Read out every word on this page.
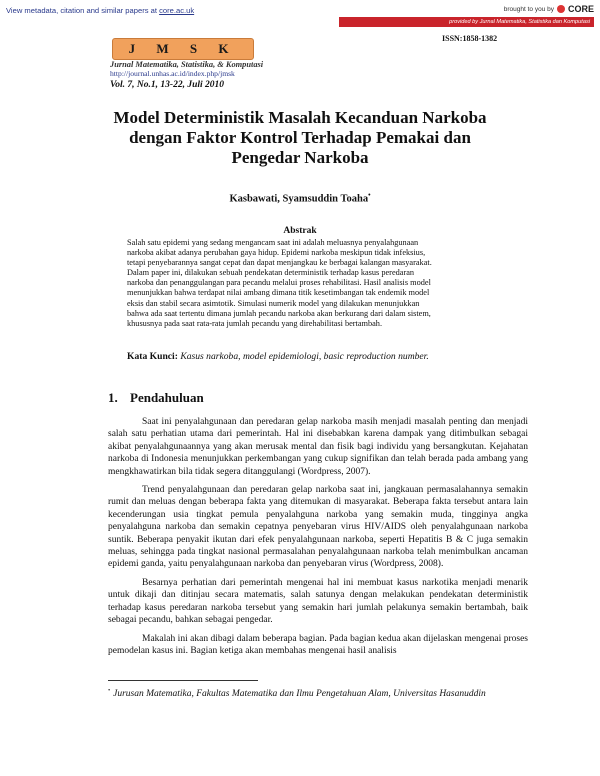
View metadata, citation and similar papers at core.ac.uk	brought to you by CORE
provided by Jurnal Matematika, Statistika dan Komputasi
J M S K
Jurnal Matematika, Statistika, & Komputasi
http://journal.unhas.ac.id/index.php/jmsk
Vol. 7, No.1, 13-22, Juli 2010
ISSN:1858-1382
Model Deterministik Masalah Kecanduan Narkoba
dengan Faktor Kontrol Terhadap Pemakai dan
Pengedar Narkoba
Kasbawati, Syamsuddin Toaha•
Abstrak
Salah satu epidemi yang sedang mengancam saat ini adalah meluasnya penyalahgunaan
narkoba akibat adanya perubahan gaya hidup. Epidemi narkoba meskipun tidak infeksius,
tetapi penyebarannya sangat cepat dan dapat menjangkau ke berbagai kalangan masyarakat.
Dalam paper ini, dilakukan sebuah pendekatan deterministik terhadap kasus peredaran
narkoba dan penanggulangan para pecandu melalui proses rehabilitasi. Hasil analisis model
menunjukkan bahwa terdapat nilai ambang dimana titik kesetimbangan tak endemik model
eksis dan stabil secara asimtotik. Simulasi numerik model yang dilakukan menunjukkan
bahwa ada saat tertentu dimana jumlah pecandu narkoba akan berkurang dari dalam sistem,
khususnya pada saat rata-rata jumlah pecandu yang direhabilitasi bertambah.
Kata Kunci: Kasus narkoba, model epidemiologi, basic reproduction number.
1. Pendahuluan

Saat ini penyalahgunaan dan peredaran gelap narkoba masih menjadi masalah penting dan menjadi salah satu perhatian utama dari pemerintah. Hal ini disebabkan karena dampak yang ditimbulkan sebagai akibat penyalahgunaannya yang akan merusak mental dan fisik bagi individu yang bersangkutan. Kejahatan narkoba di Indonesia menunjukkan perkembangan yang cukup signifikan dan telah berada pada ambang yang mengkhawatirkan bila tidak segera ditanggulangi (Wordpress, 2007).

Trend penyalahgunaan dan peredaran gelap narkoba saat ini, jangkauan permasalahannya semakin rumit dan meluas dengan beberapa fakta yang ditemukan di masyarakat. Beberapa fakta tersebut antara lain kecenderungan usia tingkat pemula penyalahguna narkoba yang semakin muda, tingginya angka penyalahguna narkoba dan semakin cepatnya penyebaran virus HIV/AIDS oleh penyalahgunaan narkoba suntik. Beberapa penyakit ikutan dari efek penyalahgunaan narkoba, seperti Hepatitis B & C juga semakin meluas, sehingga pada tingkat nasional permasalahan penyalahgunaan narkoba telah menimbulkan ancaman epidemi ganda, yaitu penyalahgunaan narkoba dan penyebaran virus (Wordpress, 2008).

Besarnya perhatian dari pemerintah mengenai hal ini membuat kasus narkotika menjadi menarik untuk dikaji dan ditinjau secara matematis, salah satunya dengan melakukan pendekatan deterministik terhadap kasus peredaran narkoba tersebut yang semakin hari jumlah pelakunya semakin bertambah, baik sebagai pecandu, bahkan sebagai pengedar.

Makalah ini akan dibagi dalam beberapa bagian. Pada bagian kedua akan dijelaskan mengenai proses pemodelan kasus ini. Bagian ketiga akan membahas mengenai hasil analisis

• Jurusan Matematika, Fakultas Matematika dan Ilmu Pengetahuan Alam, Universitas Hasanuddin
